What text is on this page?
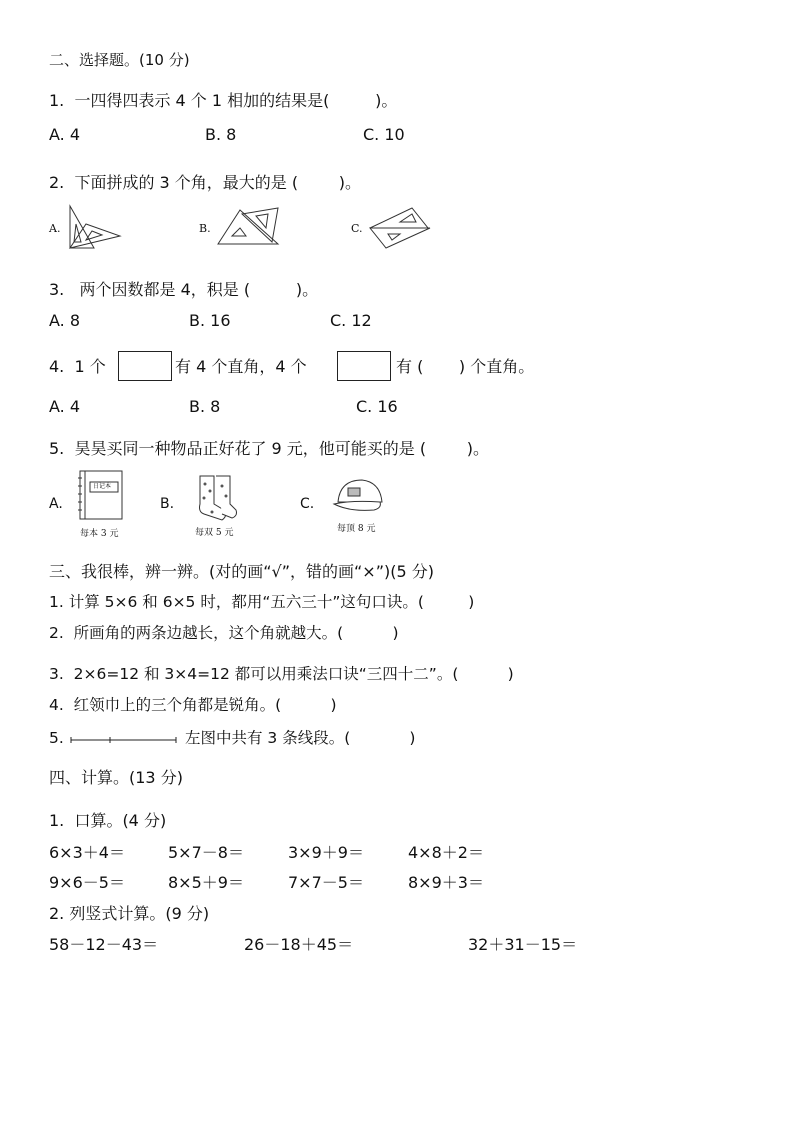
二、选择题。(10 分)
1.  一四得四表示 4 个 1 相加的结果是(         )。
A. 4	B. 8	C. 10
2.  下面拼成的 3 个角，最大的是 (        )。
A.	B.	C.
3.   两个因数都是 4，积是 (         )。
A. 8	B. 16	C. 12
4.  1 个	有 4 个直角，4 个	有 (       ) 个直角。
A. 4	B. 8	C. 16
5.  昊昊买同一种物品正好花了 9 元，他可能买的是 (        )。
A.	B.	C.
日记本
每本 3 元	每双 5 元	每顶 8 元
三、我很棒，辨一辨。(对的画“√”，错的画“×”)(5 分)
1. 计算 5×6 和 6×5 时，都用“五六三十”这句口诀。(         )
2.  所画角的两条边越长，这个角就越大。(          )
3.  2×6=12 和 3×4=12 都可以用乘法口诀“三四十二”。(          )
4.  红领巾上的三个角都是锐角。(          )
5.	左图中共有 3 条线段。(            )
四、计算。(13 分)
1.  口算。(4 分)
6×3＋4＝	5×7－8＝	3×9＋9＝	4×8＋2＝
9×6－5＝	8×5＋9＝	7×7－5＝	8×9＋3＝
2. 列竖式计算。(9 分)
58－12－43＝	26－18＋45＝	32＋31－15＝
